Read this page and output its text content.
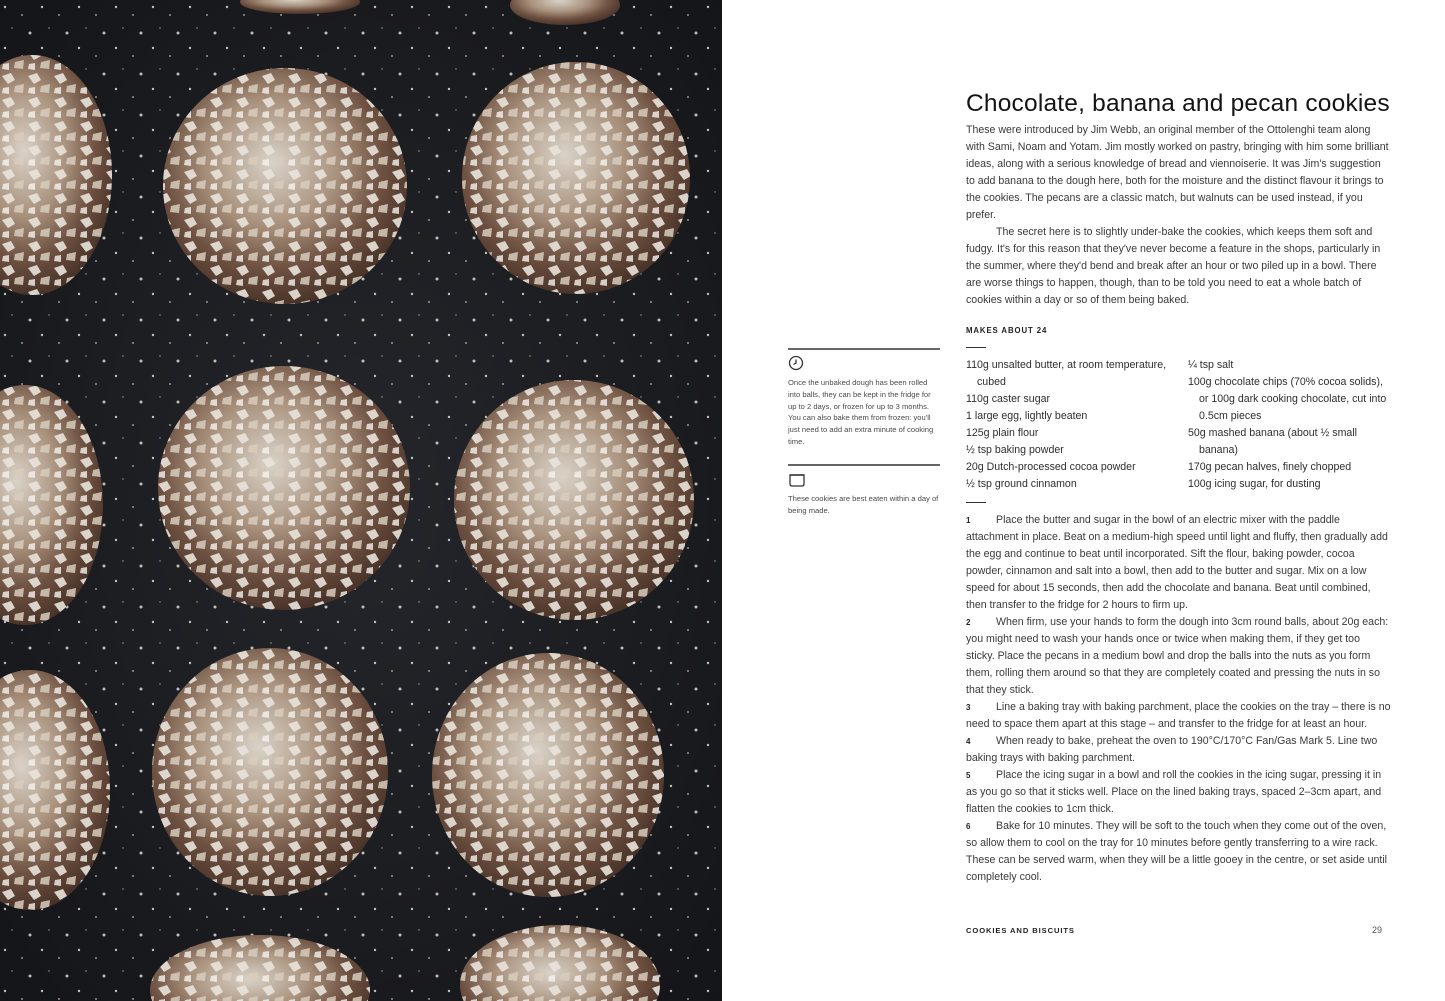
Chocolate, banana and pecan cookies

These were introduced by Jim Webb, an original member of the Ottolenghi team along with Sami, Noam and Yotam. Jim mostly worked on pastry, bringing with him some brilliant ideas, along with a serious knowledge of bread and viennoiserie. It was Jim's suggestion to add banana to the dough here, both for the moisture and the distinct flavour it brings to the cookies. The pecans are a classic match, but walnuts can be used instead, if you prefer.

The secret here is to slightly under-bake the cookies, which keeps them soft and fudgy. It's for this reason that they've never become a feature in the shops, particularly in the summer, where they'd bend and break after an hour or two piled up in a bowl. There are worse things to happen, though, than to be told you need to eat a whole batch of cookies within a day or so of them being baked.

MAKES ABOUT 24
110g unsalted butter, at room temperature, cubed
110g caster sugar
1 large egg, lightly beaten
125g plain flour
½ tsp baking powder
20g Dutch-processed cocoa powder
½ tsp ground cinnamon
¼ tsp salt
100g chocolate chips (70% cocoa solids), or 100g dark cooking chocolate, cut into 0.5cm pieces
50g mashed banana (about ½ small banana)
170g pecan halves, finely chopped
100g icing sugar, for dusting

1 Place the butter and sugar in the bowl of an electric mixer with the paddle attachment in place. Beat on a medium-high speed until light and fluffy, then gradually add the egg and continue to beat until incorporated. Sift the flour, baking powder, cocoa powder, cinnamon and salt into a bowl, then add to the butter and sugar. Mix on a low speed for about 15 seconds, then add the chocolate and banana. Beat until combined, then transfer to the fridge for 2 hours to firm up.

2 When firm, use your hands to form the dough into 3cm round balls, about 20g each: you might need to wash your hands once or twice when making them, if they get too sticky. Place the pecans in a medium bowl and drop the balls into the nuts as you form them, rolling them around so that they are completely coated and pressing the nuts in so that they stick.

3 Line a baking tray with baking parchment, place the cookies on the tray – there is no need to space them apart at this stage – and transfer to the fridge for at least an hour.

4 When ready to bake, preheat the oven to 190°C/170°C Fan/Gas Mark 5. Line two baking trays with baking parchment.

5 Place the icing sugar in a bowl and roll the cookies in the icing sugar, pressing it in as you go so that it sticks well. Place on the lined baking trays, spaced 2–3cm apart, and flatten the cookies to 1cm thick.

6 Bake for 10 minutes. They will be soft to the touch when they come out of the oven, so allow them to cool on the tray for 10 minutes before gently transferring to a wire rack. These can be served warm, when they will be a little gooey in the centre, or set aside until completely cool.

Once the unbaked dough has been rolled into balls, they can be kept in the fridge for up to 2 days, or frozen for up to 3 months. You can also bake them from frozen: you'll just need to add an extra minute of cooking time.
These cookies are best eaten within a day of being made.
COOKIES AND BISCUITS	29
